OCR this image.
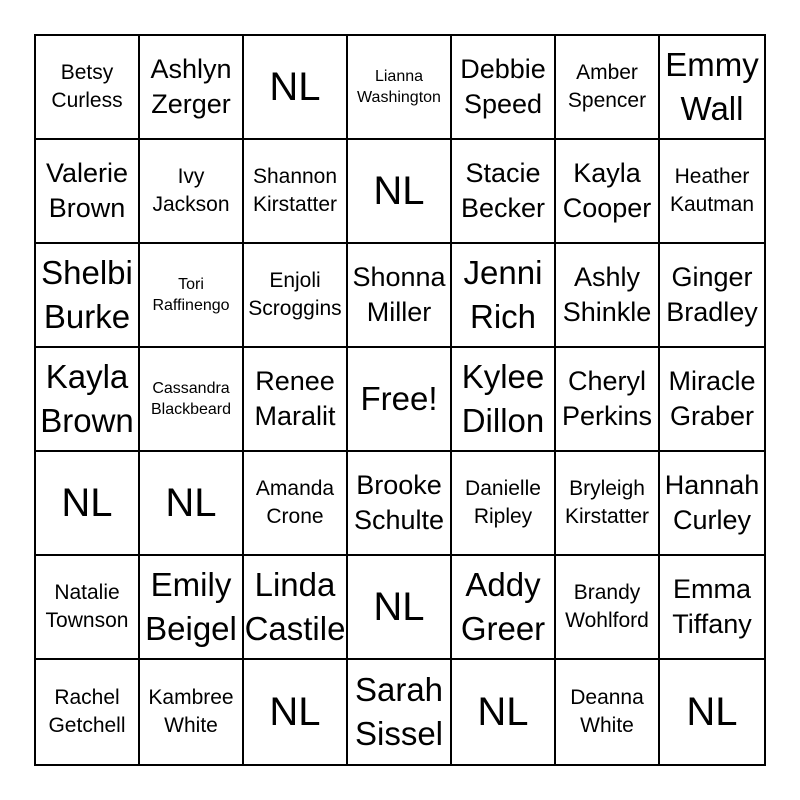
Betsy
Curless
Ashlyn
Zerger NL	Lianna
Washington
Debbie
Speed
Amber
Spencer
Emmy
Wall
Valerie
Brown
Ivy
Jackson
Shannon
Kirstatter NL Stacie
Becker
Kayla
Cooper
Heather
Kautman
Shelbi
Burke
Tori
Raffinengo
Enjoli
Scroggins
Shonna
Miller
Jenni
Rich
Ashly
Shinkle
Ginger
Bradley
Kayla
Brown
Cassandra
Blackbeard
Renee
Maralit Free!
Kylee
Dillon
Cheryl
Perkins
Miracle
Graber
NL NL Amanda
Crone
Brooke
Schulte
Danielle
Ripley
Bryleigh
Kirstatter
Hannah
Curley
Natalie
Townson
Emily
Beigel
Linda
Castile NL
Addy
Greer
Brandy
Wohlford
Emma
Tiffany
Rachel
Getchell
Kambree
White NL
Sarah
Sissel NL Deanna
White NL
